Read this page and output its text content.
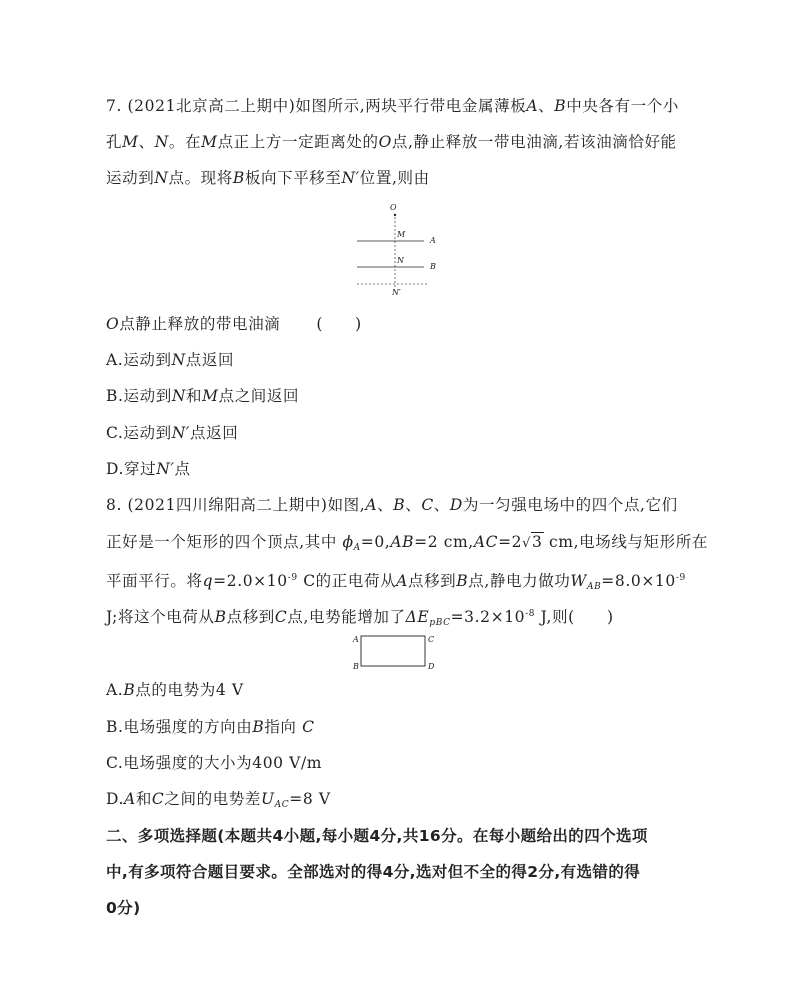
7. (2021北京高二上期中)如图所示,两块平行带电金属薄板A、B中央各有一个小
孔M、N。在M点正上方一定距离处的O点,静止释放一带电油滴,若该油滴恰好能
运动到N点。现将B板向下平移至N′位置,则由
O
M
A
N
B
N′
O点静止释放的带电油滴 (　　)
A.运动到N点返回
B.运动到N和M点之间返回
C.运动到N′点返回
D.穿过N′点
8. (2021四川绵阳高二上期中)如图,A、B、C、D为一匀强电场中的四个点,它们
正好是一个矩形的四个顶点,其中 $\phi_A=0,AB=2$ cm,AC=2√3 cm,电场线与矩形所在
平面平行。将$q=2.0\times 10^{-9}$ C的正电荷从A点移到B点,静电力做功$W_{AB}=8.0\times 10^{-9}$
J;将这个电荷从B点移到C点,电势能增加了$\Delta E_{pBC}=3.2\times 10^{-8}$ J,则(　　)
A
B
C
D
A.B点的电势为4 V
B.电场强度的方向由B指向 C
C.电场强度的大小为400 V/m
D.A和C之间的电势差$U_{AC}=8$ V
二、多项选择题(本题共4小题,每小题4分,共16分。在每小题给出的四个选项
中,有多项符合题目要求。全部选对的得4分,选对但不全的得2分,有选错的得
0分)
